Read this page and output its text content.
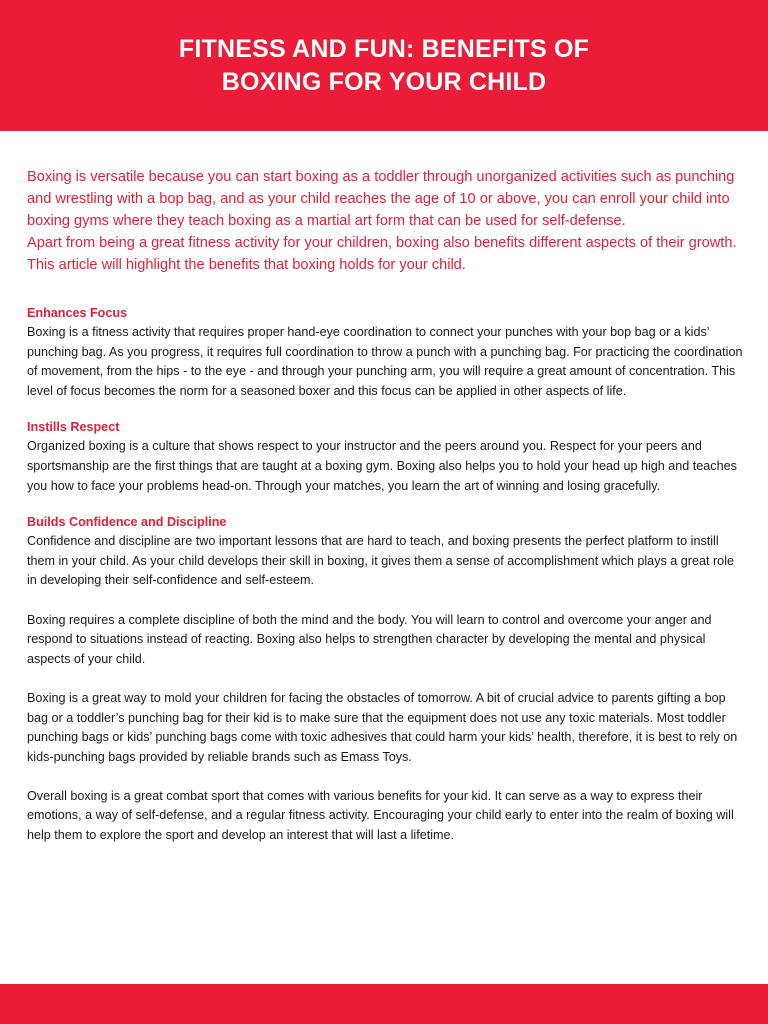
FITNESS AND FUN: BENEFITS OF
BOXING FOR YOUR CHILD

Boxing is versatile because you can start boxing as a toddler through unorganized activities such as punching and wrestling with a bop bag, and as your child reaches the age of 10 or above, you can enroll your child into boxing gyms where they teach boxing as a martial art form that can be used for self-defense.

Apart from being a great fitness activity for your children, boxing also benefits different aspects of their growth. This article will highlight the benefits that boxing holds for your child.

Enhances Focus

Boxing is a fitness activity that requires proper hand-eye coordination to connect your punches with your bop bag or a kids’ punching bag. As you progress, it requires full coordination to throw a punch with a punching bag. For practicing the coordination of movement, from the hips - to the eye - and through your punching arm, you will require a great amount of concentration. This level of focus becomes the norm for a seasoned boxer and this focus can be applied in other aspects of life.

Instills Respect

Organized boxing is a culture that shows respect to your instructor and the peers around you. Respect for your peers and sportsmanship are the first things that are taught at a boxing gym. Boxing also helps you to hold your head up high and teaches you how to face your problems head-on. Through your matches, you learn the art of winning and losing gracefully.

Builds Confidence and Discipline

Confidence and discipline are two important lessons that are hard to teach, and boxing presents the perfect platform to instill them in your child. As your child develops their skill in boxing, it gives them a sense of accomplishment which plays a great role in developing their self-confidence and self-esteem.

Boxing requires a complete discipline of both the mind and the body. You will learn to control and overcome your anger and respond to situations instead of reacting. Boxing also helps to strengthen character by developing the mental and physical aspects of your child.

Boxing is a great way to mold your children for facing the obstacles of tomorrow. A bit of crucial advice to parents gifting a bop bag or a toddler’s punching bag for their kid is to make sure that the equipment does not use any toxic materials. Most toddler punching bags or kids’ punching bags come with toxic adhesives that could harm your kids’ health, therefore, it is best to rely on kids-punching bags provided by reliable brands such as Emass Toys.

Overall boxing is a great combat sport that comes with various benefits for your kid. It can serve as a way to express their emotions, a way of self-defense, and a regular fitness activity. Encouraging your child early to enter into the realm of boxing will help them to explore the sport and develop an interest that will last a lifetime.
